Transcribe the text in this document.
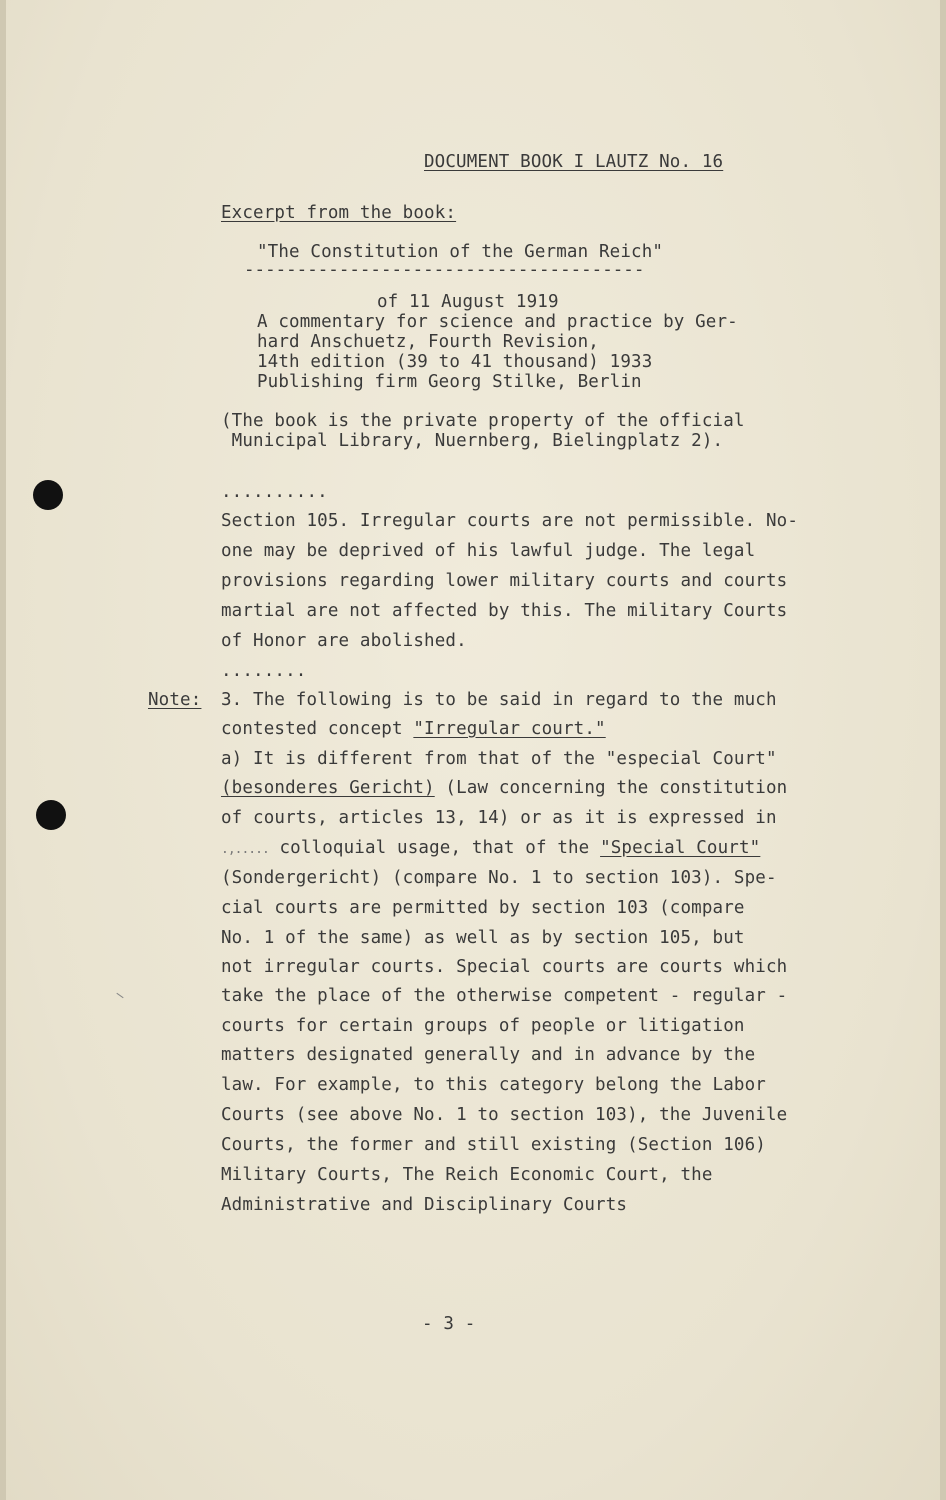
DOCUMENT BOOK I LAUTZ No. 16
Excerpt from the book:
"The Constitution of the German Reich"
--------------------------------------
of 11 August 1919
A commentary for science and practice by Ger-
hard Anschuetz, Fourth Revision,
14th edition (39 to 41 thousand) 1933
Publishing firm Georg Stilke, Berlin
(The book is the private property of the official
Municipal Library, Nuernberg, Bielingplatz 2).
..........
Section 105. Irregular courts are not permissible. No-
one may be deprived of his lawful judge. The legal
provisions regarding lower military courts and courts
martial are not affected by this. The military Courts
of Honor are abolished.
........
Note: 3. The following is to be said in regard to the much
contested concept "Irregular court."
a) It is different from that of the "especial Court"
(besonderes Gericht) (Law concerning the constitution
of courts, articles 13, 14) or as it is expressed in
.,..... colloquial usage, that of the "Special Court"
(Sondergericht) (compare No. 1 to section 103). Spe-
cial courts are permitted by section 103 (compare
No. 1 of the same) as well as by section 105, but
not irregular courts. Special courts are courts which
take the place of the otherwise competent - regular -
courts for certain groups of people or litigation
matters designated generally and in advance by the
law. For example, to this category belong the Labor
Courts (see above No. 1 to section 103), the Juvenile
Courts, the former and still existing (Section 106)
Military Courts, The Reich Economic Court, the
Administrative and Disciplinary Courts
- 3 -
